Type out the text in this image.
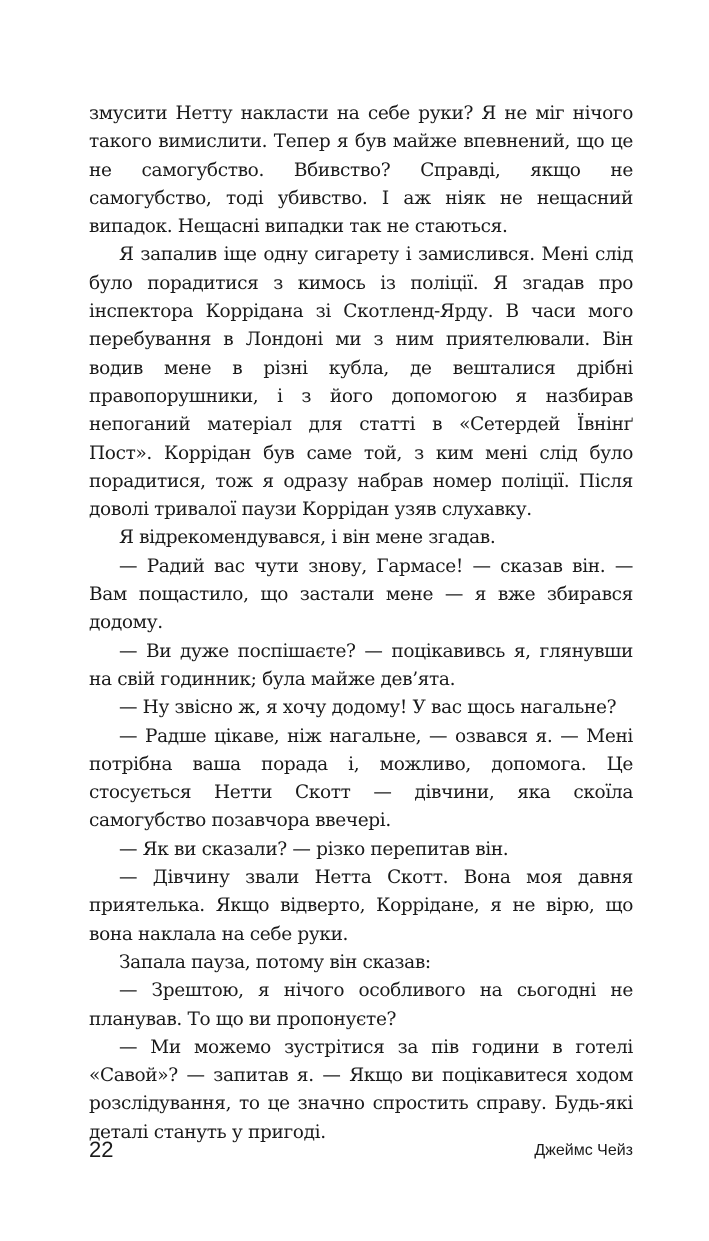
змусити Нетту накласти на себе руки? Я не міг нічого такого вимислити. Тепер я був майже впевнений, що це не самогубство. Вбивство? Справді, якщо не самогубство, тоді убивство. І аж ніяк не нещасний випадок. Нещасні випадки так не стаються.

Я запалив іще одну сигарету і замислився. Мені слід було порадитися з кимось із поліції. Я згадав про інспектора Коррідана зі Скотленд-Ярду. В часи мого перебування в Лондоні ми з ним приятелювали. Він водив мене в різні кубла, де вешталися дрібні правопорушники, і з його допомогою я назбирав непоганий матеріал для статті в «Сетердей Ївнінґ Пост». Коррідан був саме той, з ким мені слід було порадитися, тож я одразу набрав номер поліції. Після доволі тривалої паузи Коррідан узяв слухавку.

Я відрекомендувався, і він мене згадав.

— Радий вас чути знову, Гармасе! — сказав він. — Вам пощастило, що застали мене — я вже збирався додому.

— Ви дуже поспішаєте? — поцікавивсь я, глянувши на свій годинник; була майже дев’ята.

— Ну звісно ж, я хочу додому! У вас щось нагальне?

— Радше цікаве, ніж нагальне, — озвався я. — Мені потрібна ваша порада і, можливо, допомога. Це стосується Нетти Скотт — дівчини, яка скоїла самогубство позавчора ввечері.

— Як ви сказали? — різко перепитав він.

— Дівчину звали Нетта Скотт. Вона моя давня приятелька. Якщо відверто, Коррідане, я не вірю, що вона наклала на себе руки.

Запала пауза, потому він сказав:

— Зрештою, я нічого особливого на сьогодні не планував. То що ви пропонуєте?

— Ми можемо зустрітися за пів години в готелі «Савой»? — запитав я. — Якщо ви поцікавитеся ходом розслідування, то це значно спростить справу. Будь-які деталі стануть у пригоді.

22	Джеймс Чейз
